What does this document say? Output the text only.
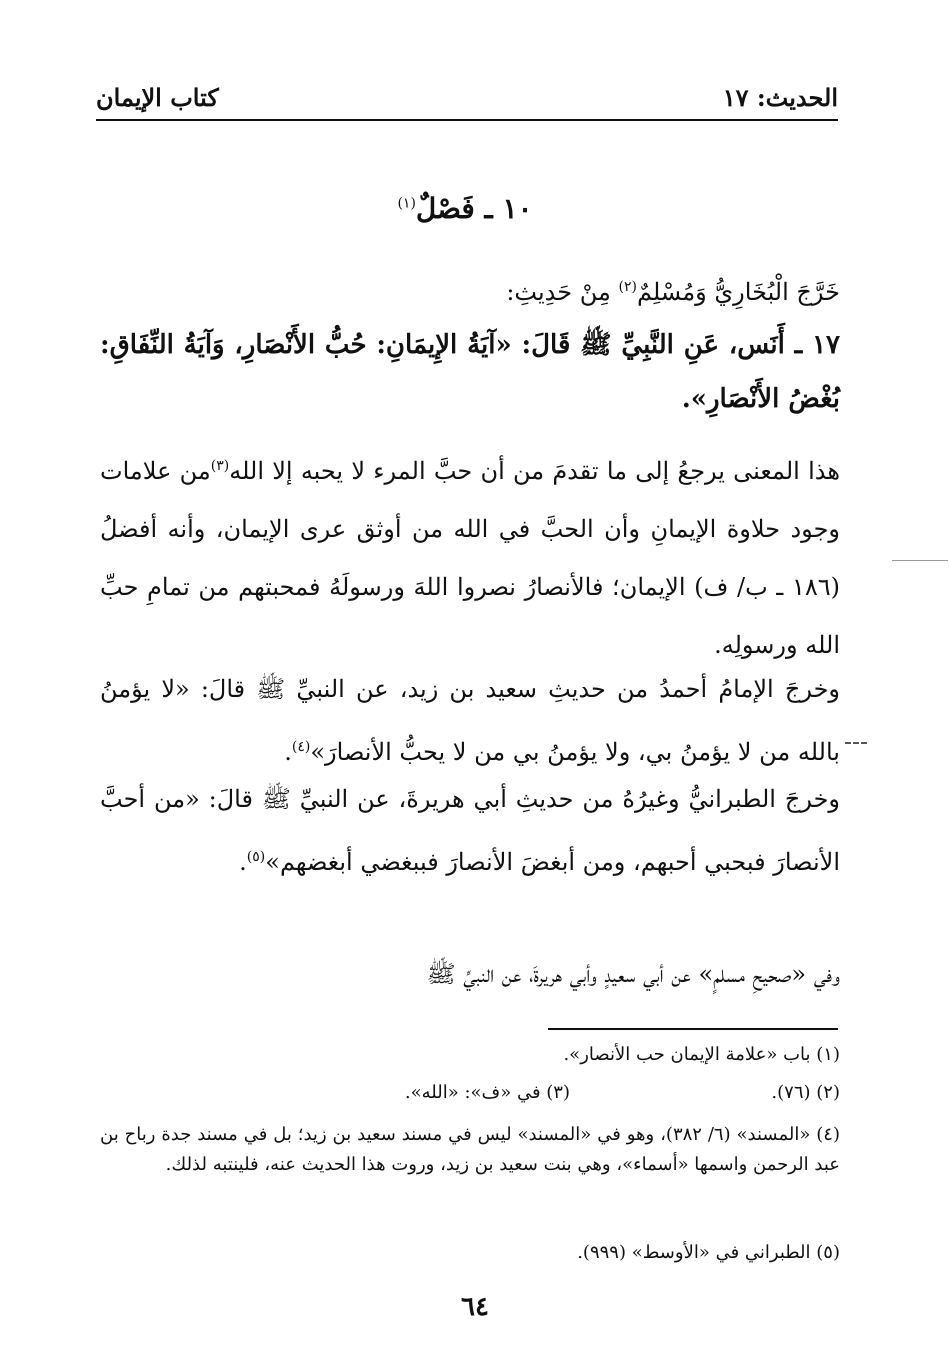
الحديث: ١٧
كتاب الإيمان
١٠ ـ فَصْلٌ$^{(١)}$
خَرَّجَ الْبُخَارِيُّ وَمُسْلِمٌ$^{(٢)}$ مِنْ حَدِيثِ:
١٧ ـ أَنَس، عَنِ النَّبِيِّ ﷺ قَالَ: «آيَةُ الإِيمَانِ: حُبُّ الأَنْصَارِ، وَآيَةُ النِّفَاقِ: بُغْضُ الأَنْصَارِ».
هذا المعنى يرجعُ إلى ما تقدمَ من أن حبَّ المرء لا يحبه إلا الله$^{(٣)}$من علامات وجود حلاوة الإيمانِ وأن الحبَّ في الله من أوثق عرى الإيمان، وأنه أفضلُ (١٨٦ ـ ب/ ف) الإيمان؛ فالأنصارُ نصروا اللهَ ورسولَهُ فمحبتهم من تمامِ حبِّ الله ورسولِه.
وخرجَ الإمامُ أحمدُ من حديثِ سعيد بن زيد، عن النبيِّ ﷺ قالَ: «لا يؤمنُ بالله من لا يؤمنُ بي، ولا يؤمنُ بي من لا يحبُّ الأنصارَ»$^{(٤)}$.
وخرجَ الطبرانيُّ وغيرُهُ من حديثِ أبي هريرةَ، عن النبيِّ ﷺ قالَ: «من أحبَّ الأنصارَ فبحبي أحبهم، ومن أبغضَ الأنصارَ فببغضي أبغضهم»$^{(٥)}$.
وفي «صحيحِ مسلمٍ» عن أبي سعيدٍ وأبي هريرةَ، عن النبيِّ ﷺ
(١) باب «علامة الإيمان حب الأنصار».
(٢) (٧٦).
(٣) في «ف»: «الله».
(٤) «المسند» (٦/ ٣٨٢)، وهو في «المسند» ليس في مسند سعيد بن زيد؛ بل في مسند جدة رباح بن عبد الرحمن واسمها «أسماء»، وهي بنت سعيد بن زيد، وروت هذا الحديث عنه، فلينتبه لذلك.
(٥) الطبراني في «الأوسط» (٩٩٩).
٦٤
